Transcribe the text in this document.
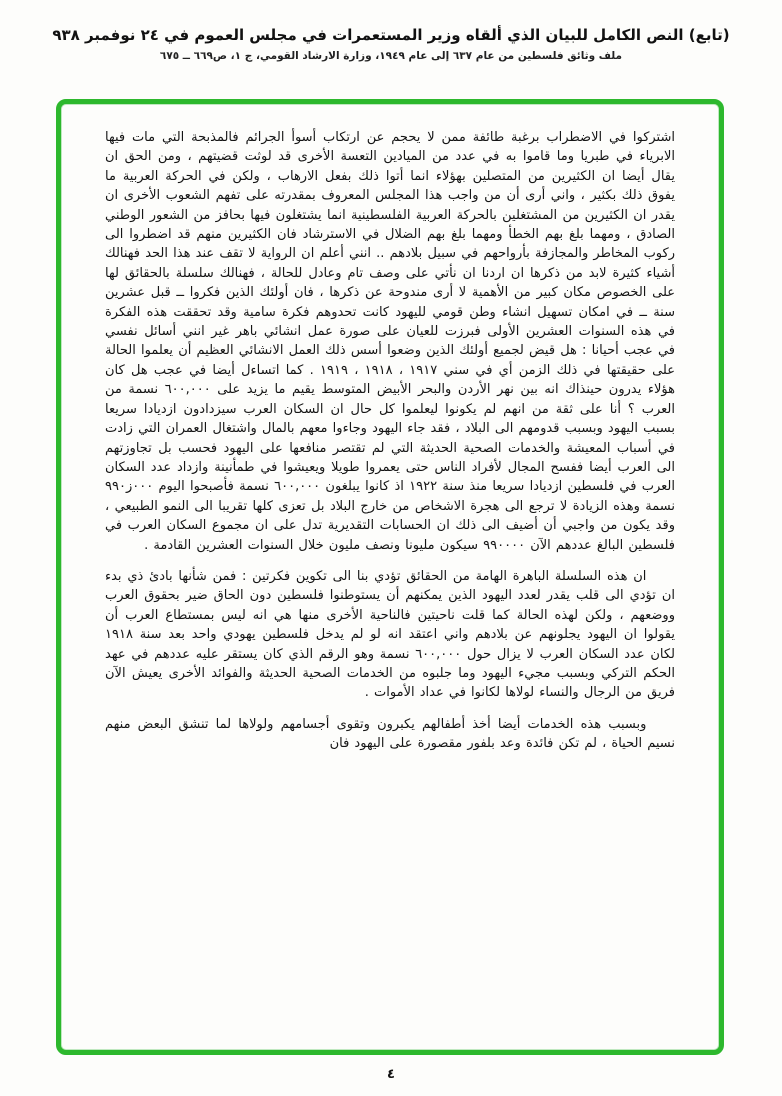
(تابع) النص الكامل للبيان الذي ألقاه وزير المستعمرات في مجلس العموم في ٢٤ نوفمبر ٩٣٨
ملف وثائق فلسطين من عام ٦٣٧ إلى عام ١٩٤٩، وزارة الارشاد القومي، ج ١، ص٦٦٩ ــ ٦٧٥

اشتركوا في الاضطراب برغبة طائفة ممن لا يحجم عن ارتكاب أسوأ الجرائم فالمذبحة التي مات فيها الابرياء في طبريا وما قاموا به في عدد من الميادين التعسة الأخرى قد لوثت قضيتهم ، ومن الحق ان يقال أيضا ان الكثيرين من المتصلين بهؤلاء انما أتوا ذلك بفعل الارهاب ، ولكن في الحركة العربية ما يفوق ذلك بكثير ، واني أرى أن من واجب هذا المجلس المعروف بمقدرته على تفهم الشعوب الأخرى ان يقدر ان الكثيرين من المشتغلين بالحركة العربية الفلسطينية انما يشتغلون فيها بحافز من الشعور الوطني الصادق ، ومهما بلغ بهم الخطأ ومهما بلغ بهم الضلال في الاسترشاد فان الكثيرين منهم قد اضطروا الى ركوب المخاطر والمجازفة بأرواحهم في سبيل بلادهم .. انني أعلم ان الرواية لا تقف عند هذا الحد فهنالك أشياء كثيرة لابد من ذكرها ان اردنا ان نأتي على وصف تام وعادل للحالة ، فهنالك سلسلة بالحقائق لها على الخصوص مكان كبير من الأهمية لا أرى مندوحة عن ذكرها ، فان أولئك الذين فكروا ــ قبل عشرين سنة ــ في امكان تسهيل انشاء وطن قومي لليهود كانت تحدوهم فكرة سامية وقد تحققت هذه الفكرة في هذه السنوات العشرين الأولى فبرزت للعيان على صورة عمل انشائي باهر غير انني أسائل نفسي في عجب أحيانا : هل قيض لجميع أولئك الذين وضعوا أسس ذلك العمل الانشائي العظيم أن يعلموا الحالة على حقيقتها في ذلك الزمن أي في سني ١٩١٧ ، ١٩١٨ ، ١٩١٩ . كما اتساءل أيضا في عجب هل كان هؤلاء يدرون حينذاك انه بين نهر الأردن والبحر الأبيض المتوسط يقيم ما يزيد على ٦٠٠,٠٠٠ نسمة من العرب ؟ أنا على ثقة من انهم لم يكونوا ليعلموا كل حال ان السكان العرب سيزدادون ازديادا سريعا بسبب اليهود وبسبب قدومهم الى البلاد ، فقد جاء اليهود وجاءوا معهم بالمال واشتغال العمران التي زادت في أسباب المعيشة والخدمات الصحية الحديثة التي لم تقتصر منافعها على اليهود فحسب بل تجاوزتهم الى العرب أيضا ففسح المجال لأفراد الناس حتى يعمروا طويلا ويعيشوا في طمأنينة وازداد عدد السكان العرب في فلسطين ازديادا سريعا منذ سنة ١٩٢٢ اذ كانوا يبلغون ٦٠٠,٠٠٠ نسمة فأصبحوا اليوم ٠٠٠ز٩٩٠ نسمة وهذه الزيادة لا ترجع الى هجرة الاشخاص من خارج البلاد بل تعزى كلها تقريبا الى النمو الطبيعي ، وقد يكون من واجبي أن أضيف الى ذلك ان الحسابات التقديرية تدل على ان مجموع السكان العرب في فلسطين البالغ عددهم الآن ٩٩٠٠٠٠ سيكون مليونا ونصف مليون خلال السنوات العشرين القادمة .

ان هذه السلسلة الباهرة الهامة من الحقائق تؤدي بنا الى تكوين فكرتين : فمن شأنها بادئ ذي بدء ان تؤدي الى قلب يقدر لعدد اليهود الذين يمكنهم أن يستوطنوا فلسطين دون الحاق ضير بحقوق العرب ووضعهم ، ولكن لهذه الحالة كما قلت ناحيتين فالناحية الأخرى منها هي انه ليس بمستطاع العرب أن يقولوا ان اليهود يجلونهم عن بلادهم واني اعتقد انه لو لم يدخل فلسطين يهودي واحد بعد سنة ١٩١٨ لكان عدد السكان العرب لا يزال حول ٦٠٠,٠٠٠ نسمة وهو الرقم الذي كان يستقر عليه عددهم في عهد الحكم التركي وبسبب مجيء اليهود وما جلبوه من الخدمات الصحية الحديثة والفوائد الأخرى يعيش الآن فريق من الرجال والنساء لولاها لكانوا في عداد الأموات .

وبسبب هذه الخدمات أيضا أخذ أطفالهم يكبرون وتقوى أجسامهم ولولاها لما تنشق البعض منهم نسيم الحياة ، لم تكن فائدة وعد بلفور مقصورة على اليهود فان

٤
